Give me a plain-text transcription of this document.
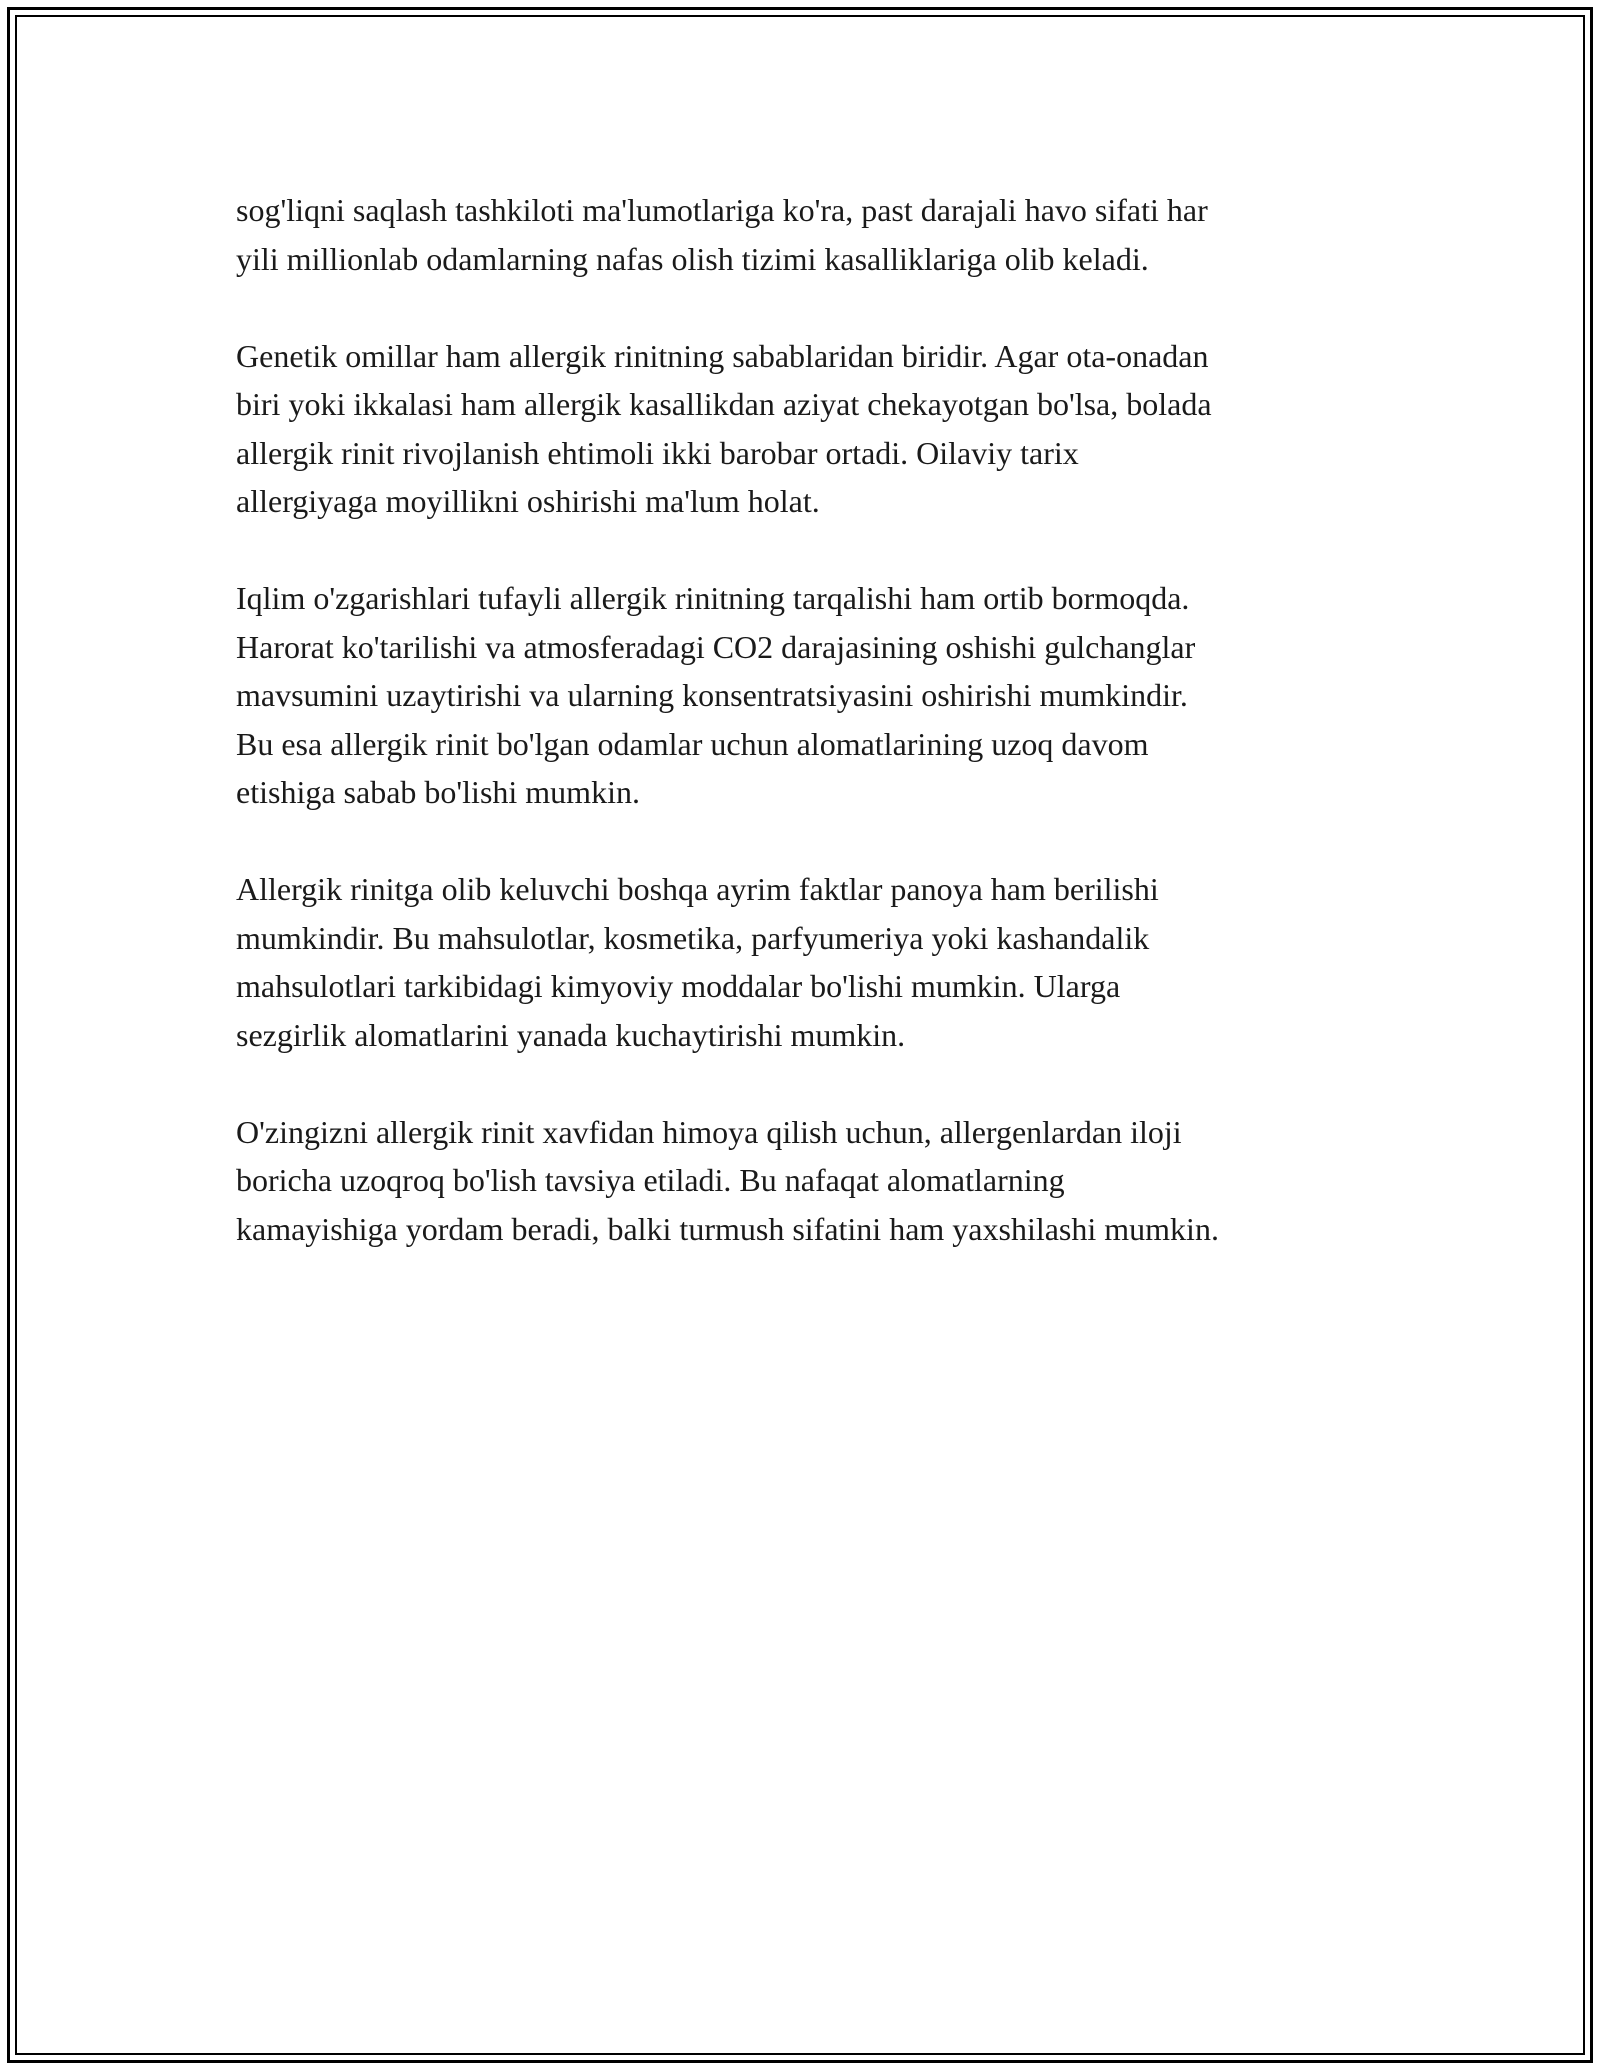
sog'liqni saqlash tashkiloti ma'lumotlariga ko'ra, past darajali havo sifati har
yili millionlab odamlarning nafas olish tizimi kasalliklariga olib keladi.

Genetik omillar ham allergik rinitning sabablaridan biridir. Agar ota-onadan
biri yoki ikkalasi ham allergik kasallikdan aziyat chekayotgan bo'lsa, bolada
allergik rinit rivojlanish ehtimoli ikki barobar ortadi. Oilaviy tarix
allergiyaga moyillikni oshirishi ma'lum holat.

Iqlim o'zgarishlari tufayli allergik rinitning tarqalishi ham ortib bormoqda.
Harorat ko'tarilishi va atmosferadagi CO2 darajasining oshishi gulchanglar
mavsumini uzaytirishi va ularning konsentratsiyasini oshirishi mumkindir.
Bu esa allergik rinit bo'lgan odamlar uchun alomatlarining uzoq davom
etishiga sabab bo'lishi mumkin.

Allergik rinitga olib keluvchi boshqa ayrim faktlar panoya ham berilishi
mumkindir. Bu mahsulotlar, kosmetika, parfyumeriya yoki kashandalik
mahsulotlari tarkibidagi kimyoviy moddalar bo'lishi mumkin. Ularga
sezgirlik alomatlarini yanada kuchaytirishi mumkin.

O'zingizni allergik rinit xavfidan himoya qilish uchun, allergenlardan iloji
boricha uzoqroq bo'lish tavsiya etiladi. Bu nafaqat alomatlarning
kamayishiga yordam beradi, balki turmush sifatini ham yaxshilashi mumkin.
